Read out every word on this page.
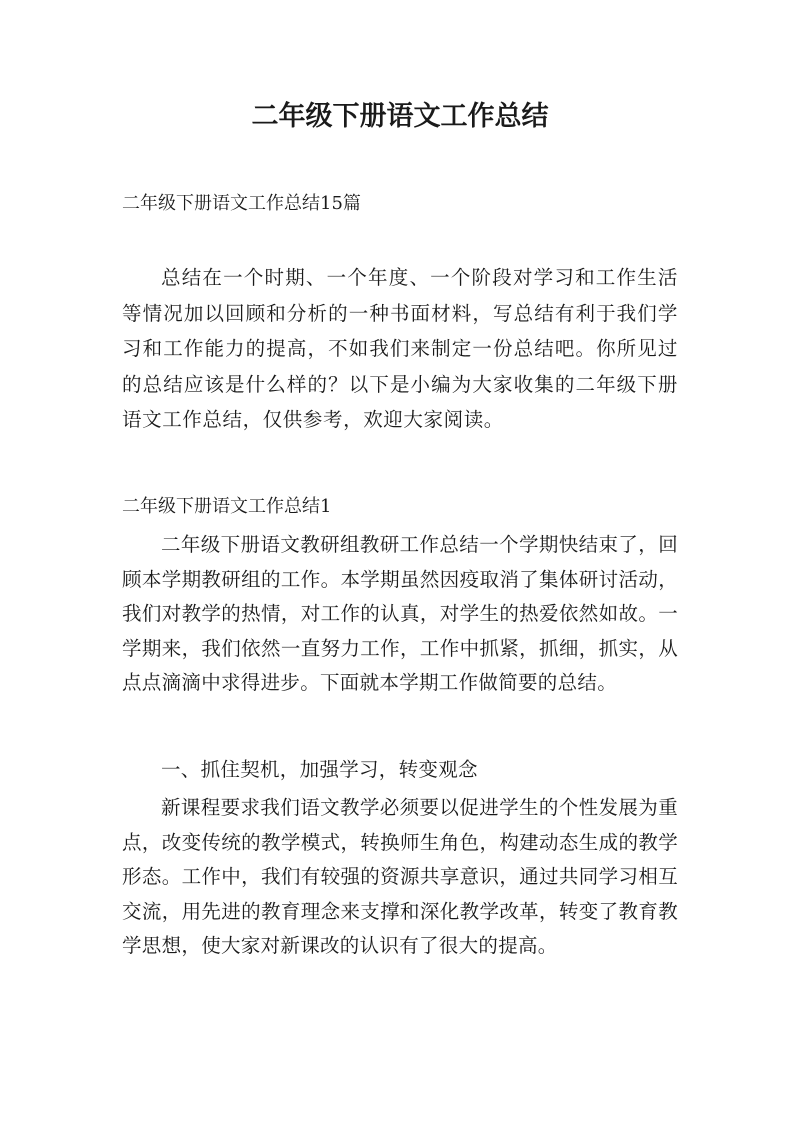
二年级下册语文工作总结
二年级下册语文工作总结15篇
总结在一个时期、一个年度、一个阶段对学习和工作生活等情况加以回顾和分析的一种书面材料，写总结有利于我们学习和工作能力的提高，不如我们来制定一份总结吧。你所见过的总结应该是什么样的？以下是小编为大家收集的二年级下册语文工作总结，仅供参考，欢迎大家阅读。
二年级下册语文工作总结1
二年级下册语文教研组教研工作总结一个学期快结束了，回顾本学期教研组的工作。本学期虽然因疫取消了集体研讨活动，我们对教学的热情，对工作的认真，对学生的热爱依然如故。一学期来，我们依然一直努力工作，工作中抓紧，抓细，抓实，从点点滴滴中求得进步。下面就本学期工作做简要的总结。
一、抓住契机，加强学习，转变观念
新课程要求我们语文教学必须要以促进学生的个性发展为重点，改变传统的教学模式，转换师生角色，构建动态生成的教学形态。工作中，我们有较强的资源共享意识，通过共同学习相互交流，用先进的教育理念来支撑和深化教学改革，转变了教育教学思想，使大家对新课改的认识有了很大的提高。
